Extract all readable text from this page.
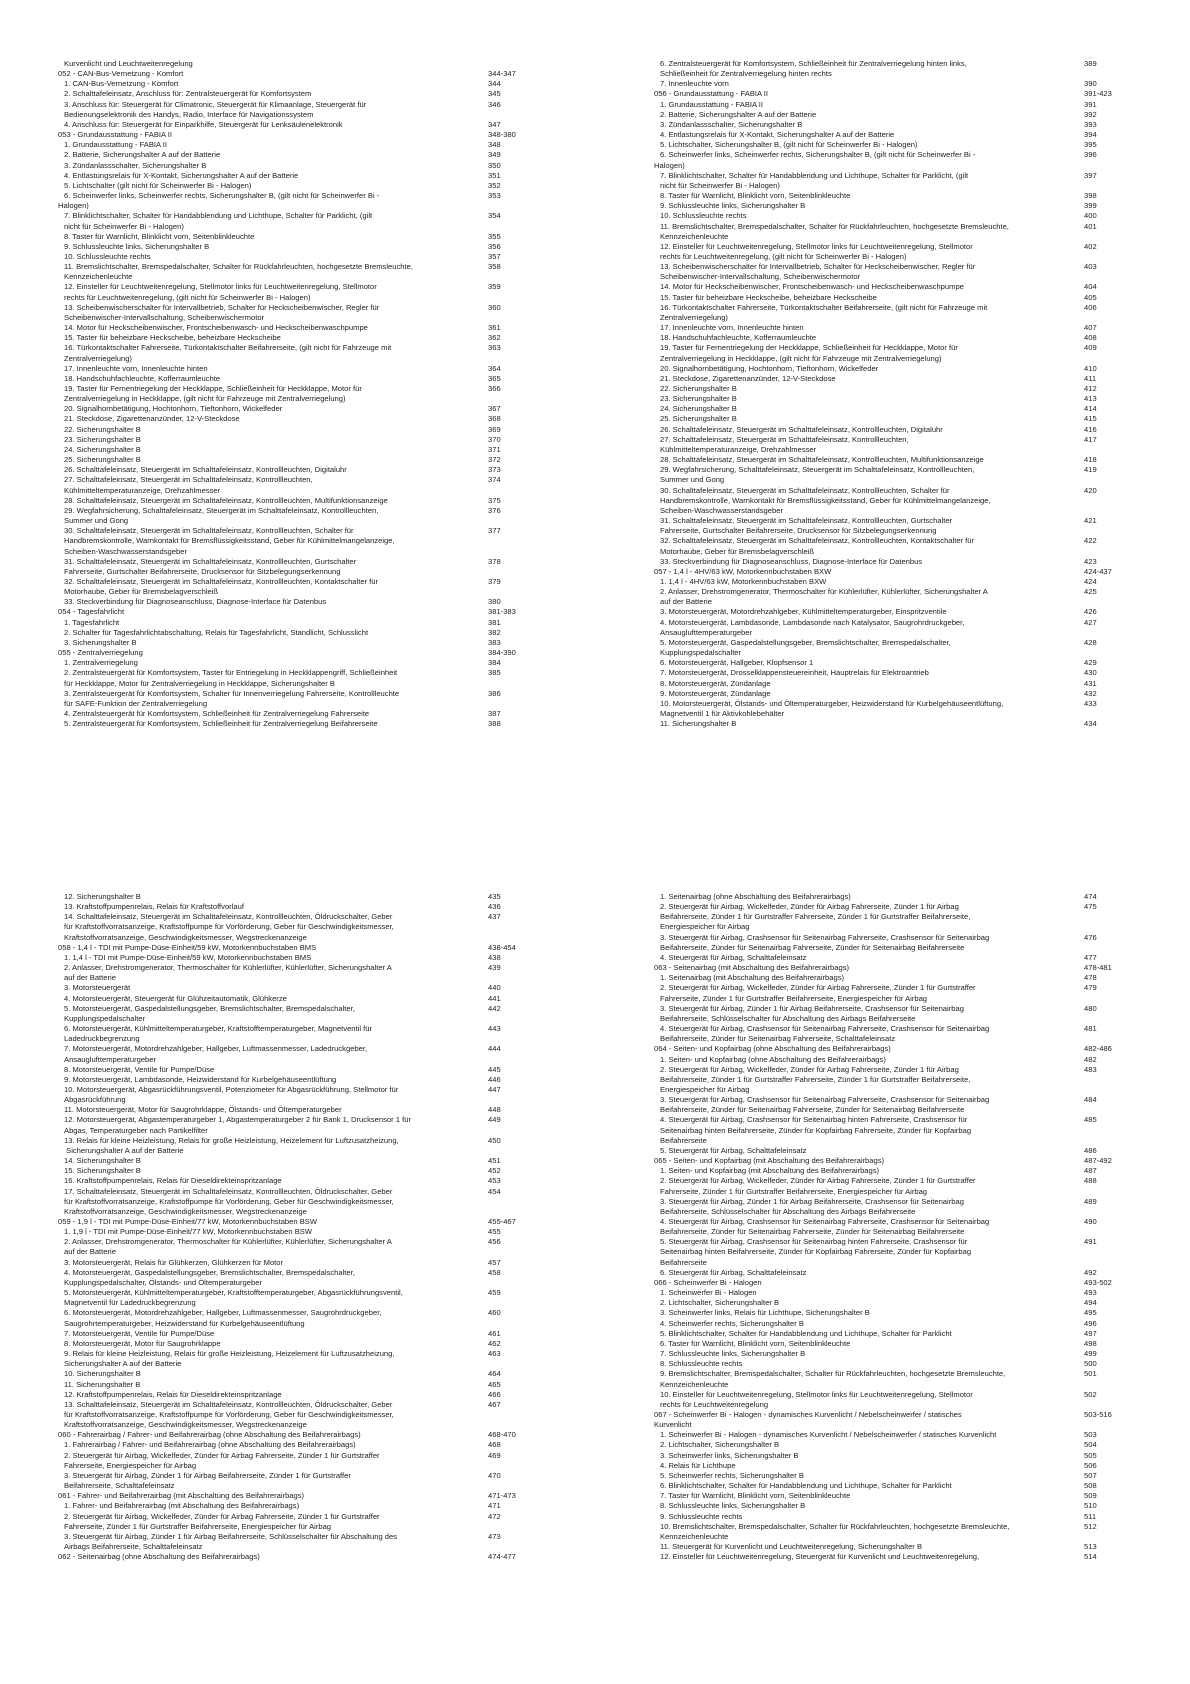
Kurvenlicht und Leuchtweitenregelung
052 - CAN-Bus-Vernetzung - Komfort	344-347
1. CAN-Bus-Vernetzung - Komfort	344
2. Schalttafeleinsatz, Anschluss für: Zentralsteuergerät für Komfortsystem	345
3. Anschluss für: Steuergerät für Climatronic, Steuergerät für Klimaanlage, Steuergerät für	346
Bedienungselektronik des Handys, Radio, Interface für Navigationssystem
4. Anschluss für: Steuergerät für Einparkhilfe, Steuergerät für Lenksäulenelektronik	347
053 - Grundausstattung - FABIA II	348-380
1. Grundausstattung - FABIA II	348
2. Batterie, Sicherungshalter A auf der Batterie	349
3. Zündanlassschalter, Sicherungshalter B	350
4. Entlastungsrelais für X-Kontakt, Sicherungshalter A auf der Batterie	351
5. Lichtschalter (gilt nicht für Scheinwerfer Bi - Halogen)	352
6. Scheinwerfer links, Scheinwerfer rechts, Sicherungshalter B, (gilt nicht für Scheinwerfer Bi -	353
Halogen)
7. Blinklichtschalter, Schalter für Handabblendung und Lichthupe, Schalter für Parklicht, (gilt	354
nicht für Scheinwerfer Bi - Halogen)
8. Taster für Warnlicht, Blinklicht vorn, Seitenblinkleuchte	355
9. Schlussleuchte links, Sicherungshalter B	356
10. Schlussleuchte rechts	357
11. Bremslichtschalter, Bremspedalschalter, Schalter für Rückfahrleuchten, hochgesetzte Bremsleuchte,	358
Kennzeichenleuchte
12. Einsteller für Leuchtweitenregelung, Stellmotor links für Leuchtweitenregelung, Stellmotor	359
rechts für Leuchtweitenregelung, (gilt nicht für Scheinwerfer Bi - Halogen)
13. Scheibenwischerschalter für Intervallbetrieb, Schalter für Heckscheibenwischer, Regler für	360
Scheibenwischer-Intervallschaltung, Scheibenwischermotor
14. Motor für Heckscheibenwischer, Frontscheibenwasch- und Heckscheibenwaschpumpe	361
15. Taster für beheizbare Heckscheibe, beheizbare Heckscheibe	362
16. Türkontaktschalter Fahrerseite, Türkontaktschalter Beifahrerseite, (gilt nicht für Fahrzeuge mit	363
Zentralverriegelung)
17. Innenleuchte vorn, Innenleuchte hinten	364
18. Handschuhfachleuchte, Kofferraumleuchte	365
19. Taster für Fernentriegelung der Heckklappe, Schließeinheit für Heckklappe, Motor für	366
Zentralverriegelung in Heckklappe, (gilt nicht für Fahrzeuge mit Zentralverriegelung)
20. Signalhornbetätigung, Hochtonhorn, Tieftonhorn, Wickelfeder	367
21. Steckdose, Zigarettenanzünder, 12-V-Steckdose	368
22. Sicherungshalter B	369
23. Sicherungshalter B	370
24. Sicherungshalter B	371
25. Sicherungshalter B	372
26. Schalttafeleinsatz, Steuergerät im Schalttafeleinsatz, Kontrollleuchten, Digitaluhr	373
27. Schalttafeleinsatz, Steuergerät im Schalttafeleinsatz, Kontrollleuchten,	374
Kühlmitteltemperaturanzeige, Drehzahlmesser
28. Schalttafeleinsatz, Steuergerät im Schalttafeleinsatz, Kontrollleuchten, Multifunktionsanzeige	375
29. Wegfahrsicherung, Schalttafeleinsatz, Steuergerät im Schalttafeleinsatz, Kontrollleuchten,	376
Summer und Gong
30. Schalttafeleinsatz, Steuergerät im Schalttafeleinsatz, Kontrollleuchten, Schalter für	377
Handbremskontrolle, Warnkontakt für Bremsflüssigkeitsstand, Geber für Kühlmittelmangelanzeige,
Scheiben-Waschwasserstandsgeber
31. Schalttafeleinsatz, Steuergerät im Schalttafeleinsatz, Kontrollleuchten, Gurtschalter	378
Fahrerseite, Gurtschalter Beifahrerseite, Drucksensor für Sitzbelegungserkennung
32. Schalttafeleinsatz, Steuergerät im Schalttafeleinsatz, Kontrollleuchten, Kontaktschalter für	379
Motorhaube, Geber für Bremsbelagverschleiß
33. Steckverbindung für Diagnoseanschluss, Diagnose-Interface für Datenbus	380
054 - Tagesfahrlicht	381-383
1. Tagesfahrlicht	381
2. Schalter für Tagesfahrlichtabschaltung, Relais für Tagesfahrlicht, Standlicht, Schlusslicht	382
3. Sicherungshalter B	383
055 - Zentralverriegelung	384-390
1. Zentralverriegelung	384
2. Zentralsteuergerät für Komfortsystem, Taster für Entriegelung in Heckklappengriff, Schließeinheit	385
für Heckklappe, Motor für Zentralverriegelung in Heckklappe, Sicherungshalter B
3. Zentralsteuergerät für Komfortsystem, Schalter für Innenverriegelung Fahrerseite, Kontrollleuchte	386
für SAFE-Funktion der Zentralverriegelung
4. Zentralsteuergerät für Komfortsystem, Schließeinheit für Zentralverriegelung Fahrerseite	387
5. Zentralsteuergerät für Komfortsystem, Schließeinheit für Zentralverriegelung Beifahrerseite	388
6. Zentralsteuergerät für Komfortsystem, Schließeinheit für Zentralverriegelung hinten links,	389
Schließeinheit für Zentralverriegelung hinten rechts
7. Innenleuchte vorn	390
056 - Grundausstattung - FABIA II	391-423
1. Grundausstattung - FABIA II	391
2. Batterie, Sicherungshalter A auf der Batterie	392
3. Zündanlassschalter, Sicherungshalter B	393
4. Entlastungsrelais für X-Kontakt, Sicherungshalter A auf der Batterie	394
5. Lichtschalter, Sicherungshalter B, (gilt nicht für Scheinwerfer Bi - Halogen)	395
6. Scheinwerfer links, Scheinwerfer rechts, Sicherungshalter B, (gilt nicht für Scheinwerfer Bi -	396
Halogen)
7. Blinklichtschalter, Schalter für Handabblendung und Lichthupe, Schalter für Parklicht, (gilt	397
nicht für Scheinwerfer Bi - Halogen)
8. Taster für Warnlicht, Blinklicht vorn, Seitenblinkleuchte	398
9. Schlussleuchte links, Sicherungshalter B	399
10. Schlussleuchte rechts	400
11. Bremslichtschalter, Bremspedalschalter, Schalter für Rückfahrleuchten, hochgesetzte Bremsleuchte,	401
Kennzeichenleuchte
12. Einsteller für Leuchtweitenregelung, Stellmotor links für Leuchtweitenregelung, Stellmotor	402
rechts für Leuchtweitenregelung, (gilt nicht für Scheinwerfer Bi - Halogen)
13. Scheibenwischerschalter für Intervallbetrieb, Schalter für Heckscheibenwischer, Regler für	403
Scheibenwischer-Intervallschaltung, Scheibenwischermotor
14. Motor für Heckscheibenwischer, Frontscheibenwasch- und Heckscheibenwaschpumpe	404
15. Taster für beheizbare Heckscheibe, beheizbare Heckscheibe	405
16. Türkontaktschalter Fahrerseite, Türkontaktschalter Beifahrerseite, (gilt nicht für Fahrzeuge mit	406
Zentralverriegelung)
17. Innenleuchte vorn, Innenleuchte hinten	407
18. Handschuhfachleuchte, Kofferraumleuchte	408
19. Taster für Fernentriegelung der Heckklappe, Schließeinheit für Heckklappe, Motor für	409
Zentralverriegelung in Heckklappe, (gilt nicht für Fahrzeuge mit Zentralverriegelung)
20. Signalhornbetätigung, Hochtonhorn, Tieftonhorn, Wickelfeder	410
21. Steckdose, Zigarettenanzünder, 12-V-Steckdose	411
22. Sicherungshalter B	412
23. Sicherungshalter B	413
24. Sicherungshalter B	414
25. Sicherungshalter B	415
26. Schalttafeleinsatz, Steuergerät im Schalttafeleinsatz, Kontrollleuchten, Digitaluhr	416
27. Schalttafeleinsatz, Steuergerät im Schalttafeleinsatz, Kontrollleuchten,	417
Kühlmitteltemperaturanzeige, Drehzahlmesser
28. Schalttafeleinsatz, Steuergerät im Schalttafeleinsatz, Kontrollleuchten, Multifunktionsanzeige	418
29. Wegfahrsicherung, Schalttafeleinsatz, Steuergerät im Schalttafeleinsatz, Kontrollleuchten,	419
Summer und Gong
30. Schalttafeleinsatz, Steuergerät im Schalttafeleinsatz, Kontrollleuchten, Schalter für	420
Handbremskontrolle, Warnkontakt für Bremsflüssigkeitsstand, Geber für Kühlmittelmangelanzeige,
Scheiben-Waschwasserstandsgeber
31. Schalttafeleinsatz, Steuergerät im Schalttafeleinsatz, Kontrollleuchten, Gurtschalter	421
Fahrerseite, Gurtschalter Beifahrerseite, Drucksensor für Sitzbelegungserkennung
32. Schalttafeleinsatz, Steuergerät im Schalttafeleinsatz, Kontrollleuchten, Kontaktschalter für	422
Motorhaube, Geber für Bremsbelagverschleiß
33. Steckverbindung für Diagnoseanschluss, Diagnose-Interface für Datenbus	423
057 - 1,4 l - 4HV/63 kW, Motorkennbuchstaben BXW	424-437
1. 1,4 l - 4HV/63 kW, Motorkennbuchstaben BXW	424
2. Anlasser, Drehstromgenerator, Thermoschalter für Kühlerlüfter, Kühlerlüfter, Sicherungshalter A	425
auf der Batterie
3. Motorsteuergerät, Motordrehzahlgeber, Kühlmitteltemperaturgeber, Einspritzventile	426
4. Motorsteuergerät, Lambdasonde, Lambdasonde nach Katalysator, Saugrohrdruckgeber,	427
Ansauglufttemperaturgeber
5. Motorsteuergerät, Gaspedalstellungsgeber, Bremslichtschalter, Bremspedalschalter,	428
Kupplungspedalschalter
6. Motorsteuergerät, Hallgeber, Klopfsensor 1	429
7. Motorsteuergerät, Drosselklappensteuereinheit, Hauptrelais für Elektroantrieb	430
8. Motorsteuergerät, Zündanlage	431
9. Motorsteuergerät, Zündanlage	432
10. Motorsteuergerät, Ölstands- und Öltemperaturgeber, Heizwiderstand für Kurbelgehäuseentlüftung,	433
Magnetventil 1 für Aktivkohlebehälter
11. Sicherungshalter B	434
12. Sicherungshalter B	435
13. Kraftstoffpumpenrelais, Relais für Kraftstoffvorlauf	436
14. Schalttafeleinsatz, Steuergerät im Schalttafeleinsatz, Kontrollleuchten, Öldruckschalter, Geber	437
für Kraftstoffvorratsanzeige, Kraftstoffpumpe für Vorförderung, Geber für Geschwindigkeitsmesser,
Kraftstoffvorratsanzeige, Geschwindigkeitsmesser, Wegstreckenanzeige
058 - 1,4 l - TDI mit Pumpe-Düse-Einheit/59 kW, Motorkennbuchstaben BMS	438-454
1. 1,4 l - TDI mit Pumpe-Düse-Einheit/59 kW, Motorkennbuchstaben BMS	438
2. Anlasser, Drehstromgenerator, Thermoschalter für Kühlerlüfter, Kühlerlüfter, Sicherungshalter A	439
auf der Batterie
3. Motorsteuergerät	440
4. Motorsteuergerät, Steuergerät für Glühzeitautomatik, Glühkerze	441
5. Motorsteuergerät, Gaspedalstellungsgeber, Bremslichtschalter, Bremspedalschalter,	442
Kupplungspedalschalter
6. Motorsteuergerät, Kühlmitteltemperaturgeber, Kraftstofftemperaturgeber, Magnetventil für	443
Ladedruckbegrenzung
7. Motorsteuergerät, Motordrehzahlgeber, Hallgeber, Luftmassenmesser, Ladedruckgeber,	444
Ansauglufttemperaturgeber
8. Motorsteuergerät, Ventile für Pumpe/Düse	445
9. Motorsteuergerät, Lambdasonde, Heizwiderstand für Kurbelgehäuseentlüftung	446
10. Motorsteuergerät, Abgasrückführungsventil, Potenziometer für Abgasrückführung, Stellmotor für	447
Abgasrückführung
11. Motorsteuergerät, Motor für Saugrohrklappe, Ölstands- und Öltemperaturgeber	448
12. Motorsteuergerät, Abgastemperaturgeber 1, Abgastemperaturgeber 2 für Bank 1, Drucksensor 1 für	449
Abgas, Temperaturgeber nach Partikelfilter
13. Relais für kleine Heizleistung, Relais für große Heizleistung, Heizelement für Luftzusatzheizung,	450
Sicherungshalter A auf der Batterie
14. Sicherungshalter B	451
15. Sicherungshalter B	452
16. Kraftstoffpumpenrelais, Relais für Dieseldirekteinspritzanlage	453
17. Schalttafeleinsatz, Steuergerät im Schalttafeleinsatz, Kontrollleuchten, Öldruckschalter, Geber	454
für Kraftstoffvorratsanzeige, Kraftstoffpumpe für Vorförderung, Geber für Geschwindigkeitsmesser,
Kraftstoffvorratsanzeige, Geschwindigkeitsmesser, Wegstreckenanzeige
059 - 1,9 l - TDI mit Pumpe-Düse-Einheit/77 kW, Motorkennbuchstaben BSW	455-467
1. 1,9 l - TDI mit Pumpe-Düse-Einheit/77 kW, Motorkennbuchstaben BSW	455
2. Anlasser, Drehstromgenerator, Thermoschalter für Kühlerlüfter, Kühlerlüfter, Sicherungshalter A	456
auf der Batterie
3. Motorsteuergerät, Relais für Glühkerzen, Glühkerzen für Motor	457
4. Motorsteuergerät, Gaspedalstellungsgeber, Bremslichtschalter, Bremspedalschalter,	458
Kupplungspedalschalter, Ölstands- und Öltemperaturgeber
5. Motorsteuergerät, Kühlmitteltemperaturgeber, Kraftstofftemperaturgeber, Abgasrückführungsventil,	459
Magnetventil für Ladedruckbegrenzung
6. Motorsteuergerät, Motordrehzahlgeber, Hallgeber, Luftmassenmesser, Saugrohrdruckgeber,	460
Saugrohrtemperaturgeber, Heizwiderstand für Kurbelgehäuseentlüftung
7. Motorsteuergerät, Ventile für Pumpe/Düse	461
8. Motorsteuergerät, Motor für Saugrohrklappe	462
9. Relais für kleine Heizleistung, Relais für große Heizleistung, Heizelement für Luftzusatzheizung,	463
Sicherungshalter A auf der Batterie
10. Sicherungshalter B	464
11. Sicherungshalter B	465
12. Kraftstoffpumpenrelais, Relais für Dieseldirekteinspritzanlage	466
13. Schalttafeleinsatz, Steuergerät im Schalttafeleinsatz, Kontrollleuchten, Öldruckschalter, Geber	467
für Kraftstoffvorratsanzeige, Kraftstoffpumpe für Vorförderung, Geber für Geschwindigkeitsmesser,
Kraftstoffvorratsanzeige, Geschwindigkeitsmesser, Wegstreckenanzeige
060 - Fahrerairbag / Fahrer- und Beifahrerairbag (ohne Abschaltung des Beifahrerairbags)	468-470
1. Fahrerairbag / Fahrer- und Beifahrerairbag (ohne Abschaltung des Beifahrerairbags)	468
2. Steuergerät für Airbag, Wickelfeder, Zünder für Airbag Fahrerseite, Zünder 1 für Gurtstraffer	469
Fahrerseite, Energiespeicher für Airbag
3. Steuergerät für Airbag, Zünder 1 für Airbag Beifahrerseite, Zünder 1 für Gurtstraffer	470
Beifahrerseite, Schalttafeleinsatz
061 - Fahrer- und Beifahrerairbag (mit Abschaltung des Beifahrerairbags)	471-473
1. Fahrer- und Beifahrerairbag (mit Abschaltung des Beifahrerairbags)	471
2. Steuergerät für Airbag, Wickelfeder, Zünder für Airbag Fahrerseite, Zünder 1 für Gurtstraffer	472
Fahrerseite, Zünder 1 für Gurtstraffer Beifahrerseite, Energiespeicher für Airbag
3. Steuergerät für Airbag, Zünder 1 für Airbag Beifahrerseite, Schlüsselschalter für Abschaltung des	473
Airbags Beifahrerseite, Schalttafeleinsatz
062 - Seitenairbag (ohne Abschaltung des Beifahrerairbags)	474-477
1. Seitenairbag (ohne Abschaltung des Beifahrerairbags)	474
2. Steuergerät für Airbag, Wickelfeder, Zünder für Airbag Fahrerseite, Zünder 1 für Airbag	475
Beifahrerseite, Zünder 1 für Gurtstraffer Fahrerseite, Zünder 1 für Gurtstraffer Beifahrerseite,
Energiespeicher für Airbag
3. Steuergerät für Airbag, Crashsensor für Seitenairbag Fahrerseite, Crashsensor für Seitenairbag	476
Beifahrerseite, Zünder für Seitenairbag Fahrerseite, Zünder für Seitenairbag Beifahrerseite
4. Steuergerät für Airbag, Schalttafeleinsatz	477
063 - Seitenairbag (mit Abschaltung des Beifahrerairbags)	478-481
1. Seitenairbag (mit Abschaltung des Beifahrerairbags)	478
2. Steuergerät für Airbag, Wickelfeder, Zünder für Airbag Fahrerseite, Zünder 1 für Gurtstraffer	479
Fahrerseite, Zünder 1 für Gurtstraffer Beifahrerseite, Energiespeicher für Airbag
3. Steuergerät für Airbag, Zünder 1 für Airbag Beifahrerseite, Crashsensor für Seitenairbag	480
Beifahrerseite, Schlüsselschalter für Abschaltung des Airbags Beifahrerseite
4. Steuergerät für Airbag, Crashsensor für Seitenairbag Fahrerseite, Crashsensor für Seitenairbag	481
Beifahrerseite, Zünder für Seitenairbag Fahrerseite, Schalttafeleinsatz
064 - Seiten- und Kopfairbag (ohne Abschaltung des Beifahrerairbags)	482-486
1. Seiten- und Kopfairbag (ohne Abschaltung des Beifahrerairbags)	482
2. Steuergerät für Airbag, Wickelfeder, Zünder für Airbag Fahrerseite, Zünder 1 für Airbag	483
Beifahrerseite, Zünder 1 für Gurtstraffer Fahrerseite, Zünder 1 für Gurtstraffer Beifahrerseite,
Energiespeicher für Airbag
3. Steuergerät für Airbag, Crashsensor für Seitenairbag Fahrerseite, Crashsensor für Seitenairbag	484
Beifahrerseite, Zünder für Seitenairbag Fahrerseite, Zünder für Seitenairbag Beifahrerseite
4. Steuergerät für Airbag, Crashsensor für Seitenairbag hinten Fahrerseite, Crashsensor für	485
Seitenairbag hinten Beifahrerseite, Zünder für Kopfairbag Fahrerseite, Zünder für Kopfairbag
Beifahrerseite
5. Steuergerät für Airbag, Schalttafeleinsatz	486
065 - Seiten- und Kopfairbag (mit Abschaltung des Beifahrerairbags)	487-492
1. Seiten- und Kopfairbag (mit Abschaltung des Beifahrerairbags)	487
2. Steuergerät für Airbag, Wickelfeder, Zünder für Airbag Fahrerseite, Zünder 1 für Gurtstraffer	488
Fahrerseite, Zünder 1 für Gurtstraffer Beifahrerseite, Energiespeicher für Airbag
3. Steuergerät für Airbag, Zünder 1 für Airbag Beifahrerseite, Crashsensor für Seitenairbag	489
Beifahrerseite, Schlüsselschalter für Abschaltung des Airbags Beifahrerseite
4. Steuergerät für Airbag, Crashsensor für Seitenairbag Fahrerseite, Crashsensor für Seitenairbag	490
Beifahrerseite, Zünder für Seitenairbag Fahrerseite, Zünder für Seitenairbag Beifahrerseite
5. Steuergerät für Airbag, Crashsensor für Seitenairbag hinten Fahrerseite, Crashsensor für	491
Seitenairbag hinten Beifahrerseite, Zünder für Kopfairbag Fahrerseite, Zünder für Kopfairbag
Beifahrerseite
6. Steuergerät für Airbag, Schalttafeleinsatz	492
066 - Scheinwerfer Bi - Halogen	493-502
1. Scheinwerfer Bi - Halogen	493
2. Lichtschalter, Sicherungshalter B	494
3. Scheinwerfer links, Relais für Lichthupe, Sicherungshalter B	495
4. Scheinwerfer rechts, Sicherungshalter B	496
5. Blinklichtschalter, Schalter für Handabblendung und Lichthupe, Schalter für Parklicht	497
6. Taster für Warnlicht, Blinklicht vorn, Seitenblinkleuchte	498
7. Schlussleuchte links, Sicherungshalter B	499
8. Schlussleuchte rechts	500
9. Bremslichtschalter, Bremspedalschalter, Schalter für Rückfahrleuchten, hochgesetzte Bremsleuchte,	501
Kennzeichenleuchte
10. Einsteller für Leuchtweitenregelung, Stellmotor links für Leuchtweitenregelung, Stellmotor	502
rechts für Leuchtweitenregelung
067 - Scheinwerfer Bi - Halogen - dynamisches Kurvenlicht / Nebelscheinwerfer / statisches	503-516
Kurvenlicht
1. Scheinwerfer Bi - Halogen - dynamisches Kurvenlicht / Nebelscheinwerfer / statisches Kurvenlicht	503
2. Lichtschalter, Sicherungshalter B	504
3. Scheinwerfer links, Sicherungshalter B	505
4. Relais für Lichthupe	506
5. Scheinwerfer rechts, Sicherungshalter B	507
6. Blinklichtschalter, Schalter für Handabblendung und Lichthupe, Schalter für Parklicht	508
7. Taster für Warnlicht, Blinklicht vorn, Seitenblinkleuchte	509
8. Schlussleuchte links, Sicherungshalter B	510
9. Schlussleuchte rechts	511
10. Bremslichtschalter, Bremspedalschalter, Schalter für Rückfahrleuchten, hochgesetzte Bremsleuchte,	512
Kennzeichenleuchte
11. Steuergerät für Kurvenlicht und Leuchtweitenregelung, Sicherungshalter B	513
12. Einsteller für Leuchtweitenregelung, Steuergerät für Kurvenlicht und Leuchtweitenregelung,	514
